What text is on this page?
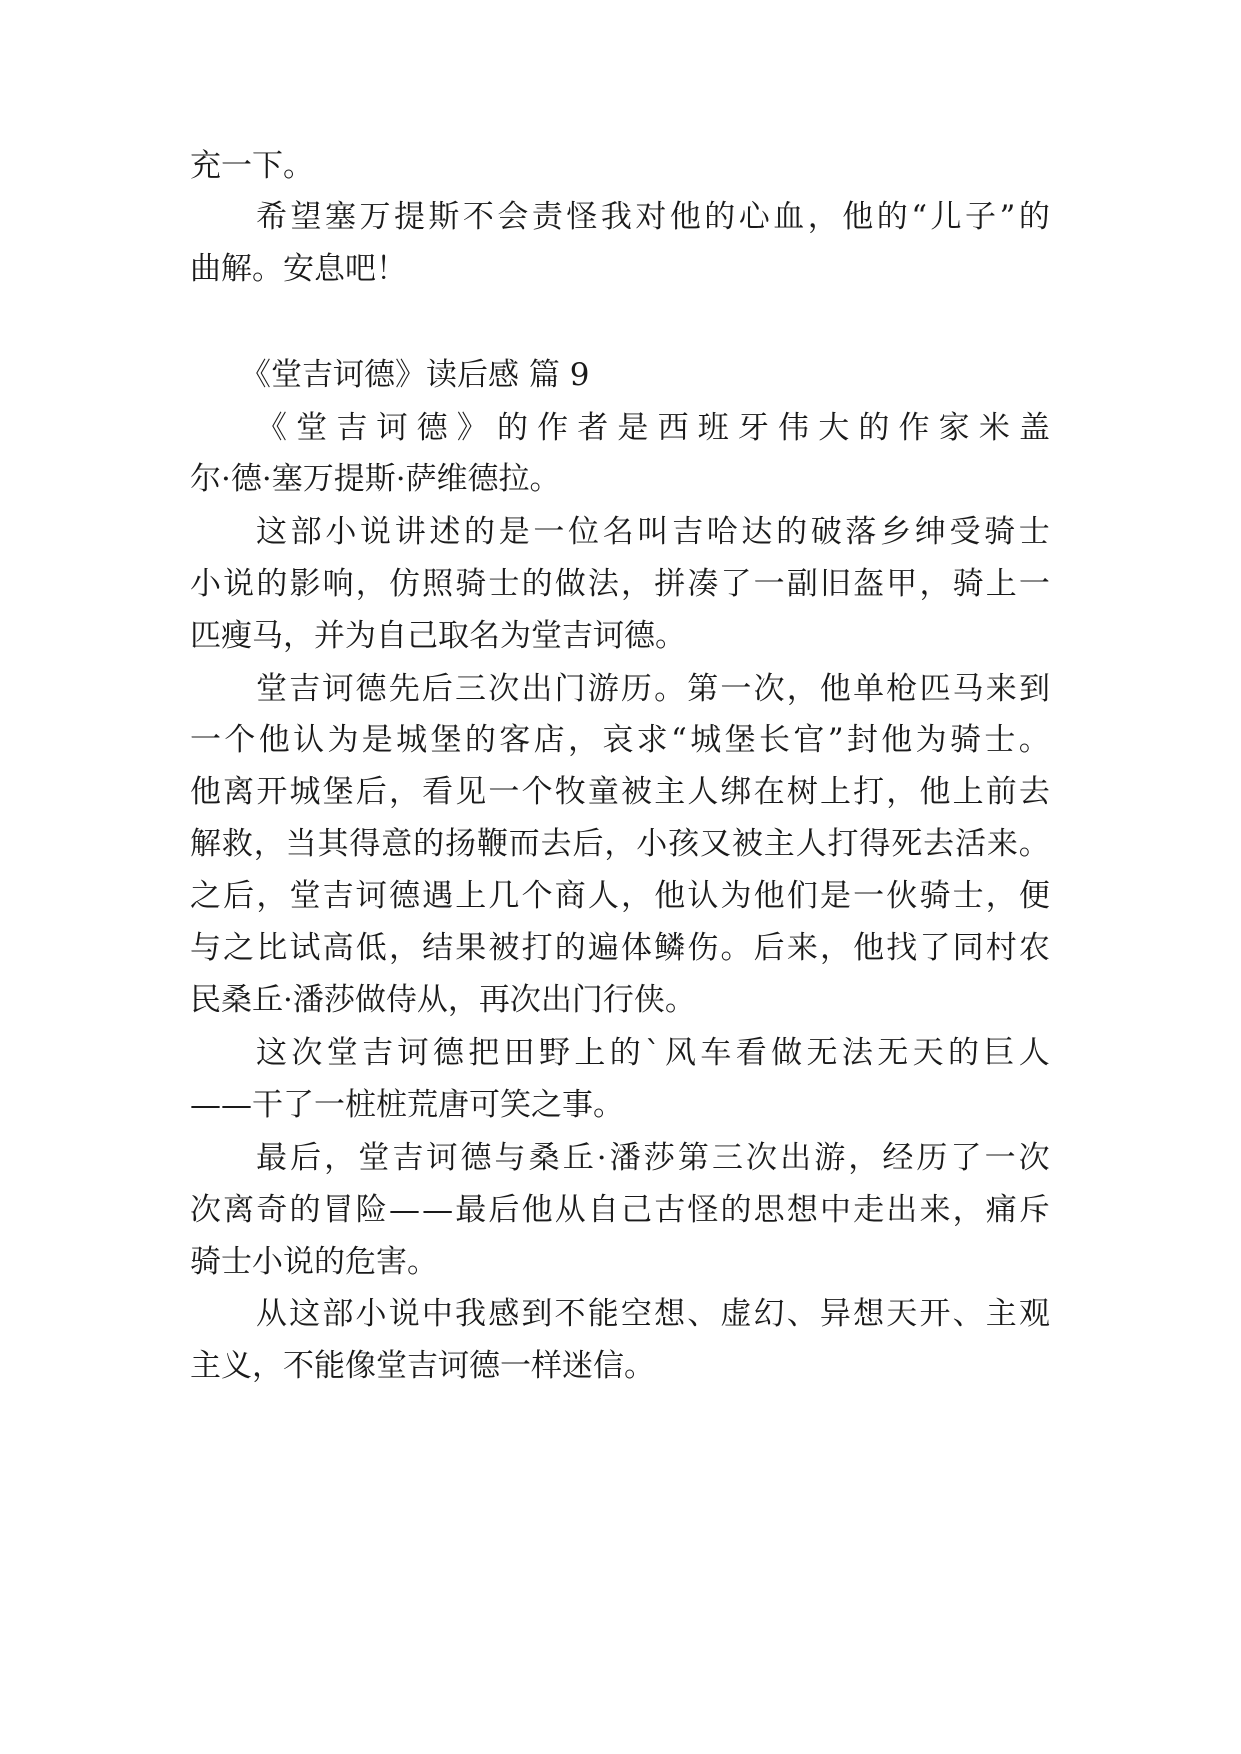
充一下。
希 望 塞 万 提 斯 不 会 责 怪 我 对 他 的 心 血 ， 他 的 “ 儿 子 ” 的
曲解。安息吧！
《堂吉诃德》读后感 篇 9
《 堂 吉 诃 德 》 的 作 者 是 西 班 牙 伟 大 的 作 家 米 盖
尔·德·塞万提斯·萨维德拉。
这 部 小 说 讲 述 的 是 一 位 名 叫 吉 哈 达 的 破 落 乡 绅 受 骑 士
小 说 的 影 响 ， 仿 照 骑 士 的 做 法 ， 拼 凑 了 一 副 旧 盔 甲 ， 骑 上 一
匹瘦马，并为自己取名为堂吉诃德。
堂 吉 诃 德 先 后 三 次 出 门 游 历 。 第 一 次 ， 他 单 枪 匹 马 来 到
一 个 他 认 为 是 城 堡 的 客 店 ， 哀 求 “ 城 堡 长 官 ” 封 他 为 骑 士 。
他 离 开 城 堡 后 ， 看 见 一 个 牧 童 被 主 人 绑 在 树 上 打 ， 他 上 前 去
解 救 ， 当 其 得 意 的 扬 鞭 而 去 后 ， 小 孩 又 被 主 人 打 得 死 去 活 来 。
之 后 ， 堂 吉 诃 德 遇 上 几 个 商 人 ， 他 认 为 他 们 是 一 伙 骑 士 ， 便
与 之 比 试 高 低 ， 结 果 被 打 的 遍 体 鳞 伤 。 后 来 ， 他 找 了 同 村 农
民桑丘·潘莎做侍从，再次出门行侠。
这 次 堂 吉 诃 德 把 田 野 上 的 ` 风 车 看 做 无 法 无 天 的 巨 人
——干了一桩桩荒唐可笑之事。
最 后 ， 堂 吉 诃 德 与 桑 丘 · 潘 莎 第 三 次 出 游 ， 经 历 了 一 次
次 离 奇 的 冒 险 — — 最 后 他 从 自 己 古 怪 的 思 想 中 走 出 来 ， 痛 斥
骑士小说的危害。
从 这 部 小 说 中 我 感 到 不 能 空 想 、 虚 幻 、 异 想 天 开 、 主 观
主义，不能像堂吉诃德一样迷信。
